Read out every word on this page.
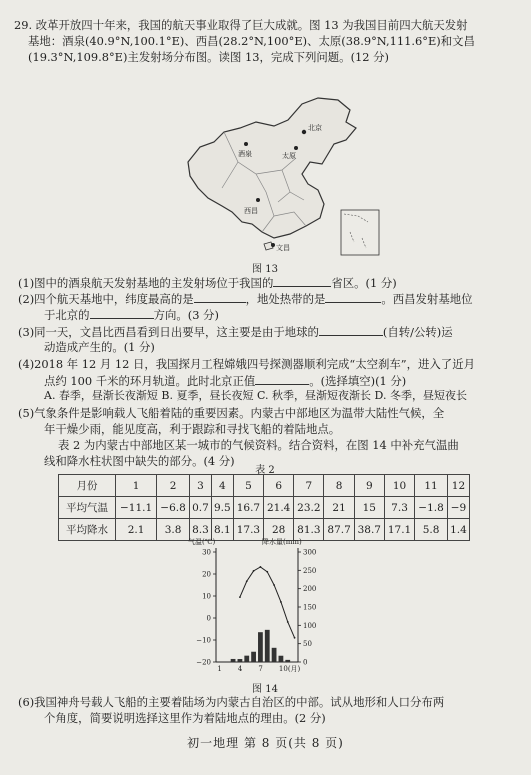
29. 改革开放四十年来，我国的航天事业取得了巨大成就。图 13 为我国目前四大航天发射
基地：酒泉(40.9°N,100.1°E)、西昌(28.2°N,100°E)、太原(38.9°N,111.6°E)和文昌
(19.3°N,109.8°E)主发射场分布图。读图 13，完成下列问题。(12 分)
酒泉	太原
北京
西昌
文昌
图 13
(1)图中的酒泉航天发射基地的主发射场位于我国的	省区。(1 分)
(2)四个航天基地中，纬度最高的是	，地处热带的是	。西昌发射基地位
于北京的	方向。(3 分)
(3)同一天，文昌比西昌看到日出要早，这主要是由于地球的	(自转/公转)运
动造成产生的。(1 分)
(4)2018 年 12 月 12 日，我国探月工程嫦娥四号探测器顺利完成“太空刹车”，进入了近月
点约 100 千米的环月轨道。此时北京正值	。(选择填空)(1 分)
A. 春季，昼渐长夜渐短 B. 夏季，昼长夜短 C. 秋季，昼渐短夜渐长 D. 冬季，昼短夜长
(5)气象条件是影响载人飞船着陆的重要因素。内蒙古中部地区为温带大陆性气候，全
年干燥少雨，能见度高，利于跟踪和寻找飞船的着陆地点。
表 2 为内蒙古中部地区某一城市的气候资料。结合资料，在图 14 中补充气温曲
线和降水柱状图中缺失的部分。(4 分)
月份	1	2	3	4	5	6	7	8	9	10	11	12
平均气温	−11.1	−6.8	0.7	9.5	16.7	21.4	23.2	21	15	7.3	−1.8	−9
平均降水	2.1	3.8	8.3	8.1	17.3	28	81.3	87.7	38.7	17.1	5.8	1.4
表 2
气温(℃)	降水量(mm)
30
20
10
0
−10
−20
300
250
200
150
100
50
0
1 4 7 10(月)
图 14
(6)我国神舟号载人飞船的主要着陆场为内蒙古自治区的中部。试从地形和人口分布两
个角度，简要说明选择这里作为着陆地点的理由。(2 分)
初一地理 第 8 页(共 8 页)
